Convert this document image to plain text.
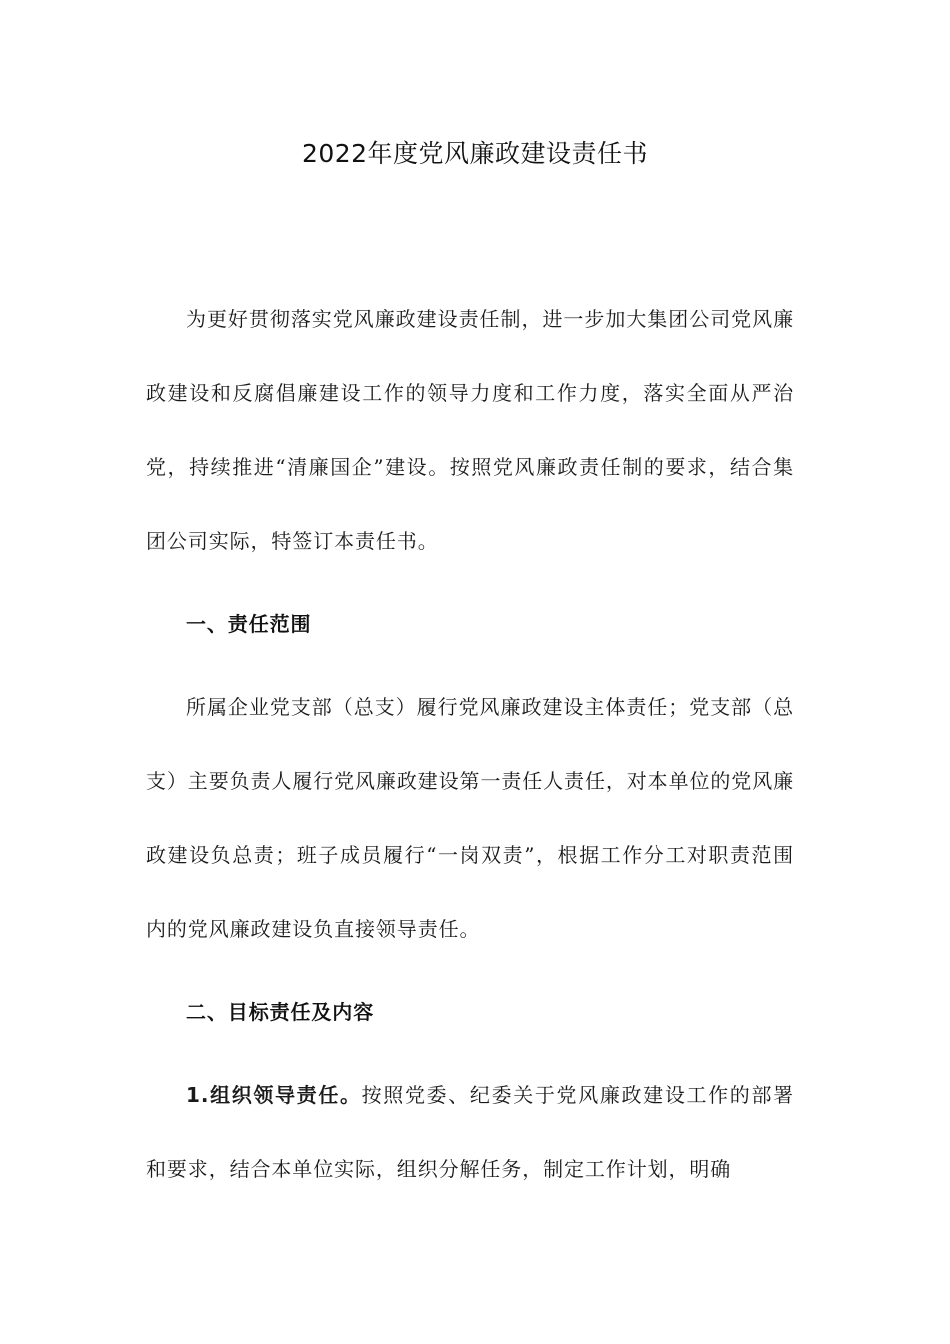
2022年度党风廉政建设责任书

为更好贯彻落实党风廉政建设责任制，进一步加大集团公司党风廉政建设和反腐倡廉建设工作的领导力度和工作力度，落实全面从严治党，持续推进“清廉国企”建设。按照党风廉政责任制的要求，结合集团公司实际，特签订本责任书。

一、责任范围

所属企业党支部（总支）履行党风廉政建设主体责任；党支部（总支）主要负责人履行党风廉政建设第一责任人责任，对本单位的党风廉政建设负总责；班子成员履行“一岗双责”，根据工作分工对职责范围内的党风廉政建设负直接领导责任。

二、目标责任及内容

1.组织领导责任。按照党委、纪委关于党风廉政建设工作的部署和要求，结合本单位实际，组织分解任务，制定工作计划，明确
